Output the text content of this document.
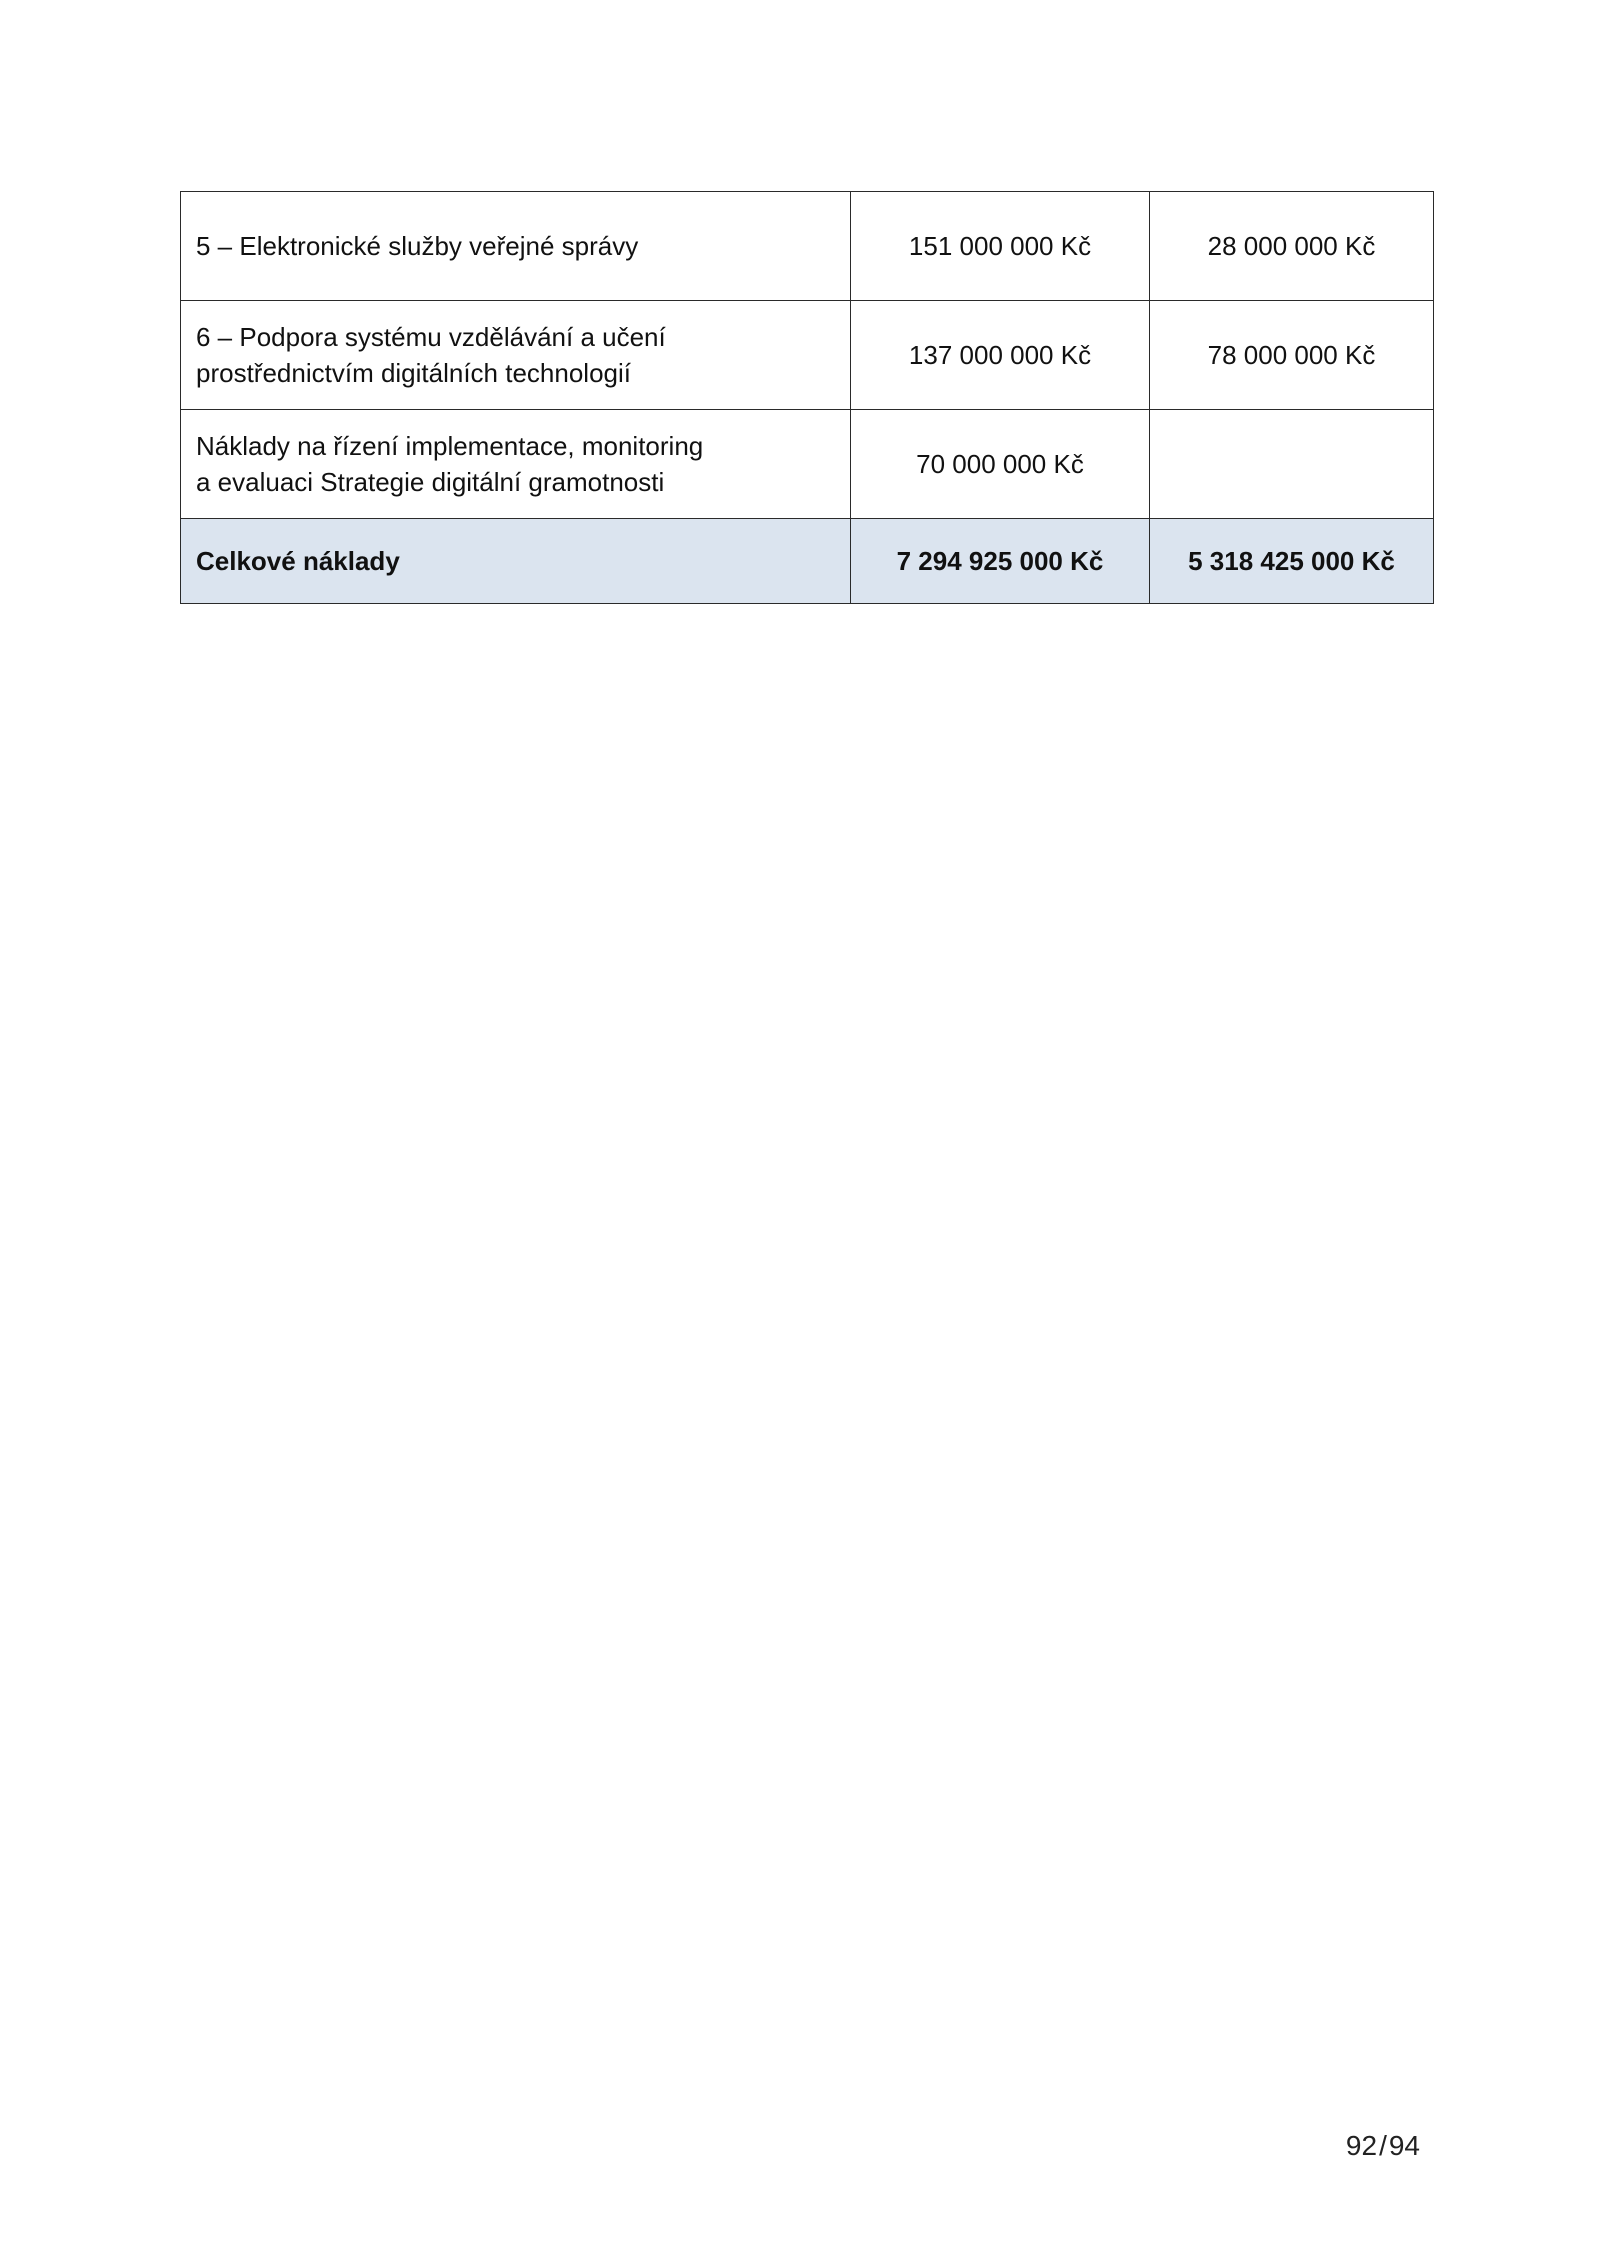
5 – Elektronické služby veřejné správy	151 000 000 Kč	28 000 000 Kč

6 – Podpora systému vzdělávání a učení
prostřednictvím digitálních technologií	137 000 000 Kč	78 000 000 Kč

Náklady na řízení implementace, monitoring
a evaluaci Strategie digitální gramotnosti	70 000 000 Kč	
Celkové náklady	7 294 925 000 Kč	5 318 425 000 Kč
92/94
